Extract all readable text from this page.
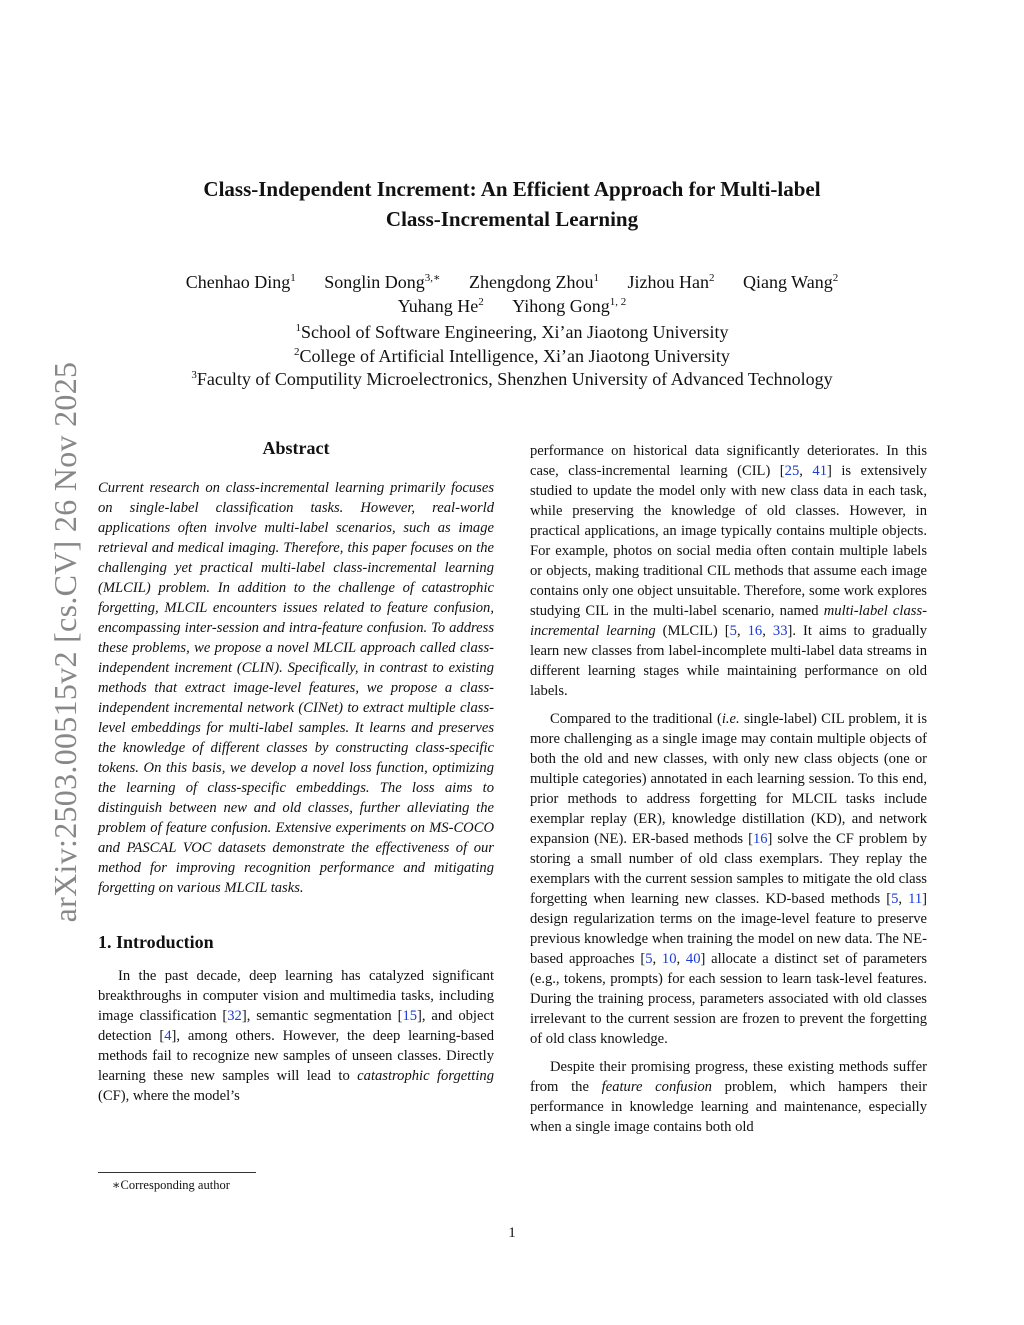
Class-Independent Increment: An Efficient Approach for Multi-label
Class-Incremental Learning
Chenhao Ding$^1$ Songlin Dong$^{3,∗}$ Zhengdong Zhou$^1$ Jizhou Han$^2$ Qiang Wang$^2$
Yuhang He$^2$ Yihong Gong$^{1, 2}$
$^1$School of Software Engineering, Xi’an Jiaotong University
$^2$College of Artificial Intelligence, Xi’an Jiaotong University
$^3$Faculty of Computility Microelectronics, Shenzhen University of Advanced Technology
arXiv:2503.00515v2 [cs.CV] 26 Nov 2025	Abstract

Current research on class-incremental learning primarily focuses on single-label classification tasks. However, real-world applications often involve multi-label scenarios, such as image retrieval and medical imaging. Therefore, this paper focuses on the challenging yet practical multi-label class-incremental learning (MLCIL) problem. In addition to the challenge of catastrophic forgetting, MLCIL encounters issues related to feature confusion, encompassing inter-session and intra-feature confusion. To address these problems, we propose a novel MLCIL approach called class-independent increment (CLIN). Specifically, in contrast to existing methods that extract image-level features, we propose a class-independent incremental network (CINet) to extract multiple class-level embeddings for multi-label samples. It learns and preserves the knowledge of different classes by constructing class-specific tokens. On this basis, we develop a novel loss function, optimizing the learning of class-specific embeddings. The loss aims to distinguish between new and old classes, further alleviating the problem of feature confusion. Extensive experiments on MS-COCO and PASCAL VOC datasets demonstrate the effectiveness of our method for improving recognition performance and mitigating forgetting on various MLCIL tasks.

1. Introduction

In the past decade, deep learning has catalyzed significant breakthroughs in computer vision and multimedia tasks, including image classification [32], semantic segmentation [15], and object detection [4], among others. However, the deep learning-based methods fail to recognize new samples of unseen classes. Directly learning these new samples will lead to catastrophic forgetting (CF), where the model’s

performance on historical data significantly deteriorates. In this case, class-incremental learning (CIL) [25, 41] is extensively studied to update the model only with new class data in each task, while preserving the knowledge of old classes. However, in practical applications, an image typically contains multiple objects. For example, photos on social media often contain multiple labels or objects, making traditional CIL methods that assume each image contains only one object unsuitable. Therefore, some work explores studying CIL in the multi-label scenario, named multi-label class-incremental learning (MLCIL) [5, 16, 33]. It aims to gradually learn new classes from label-incomplete multi-label data streams in different learning stages while maintaining performance on old labels.

Compared to the traditional (i.e. single-label) CIL problem, it is more challenging as a single image may contain multiple objects of both the old and new classes, with only new class objects (one or multiple categories) annotated in each learning session. To this end, prior methods to address forgetting for MLCIL tasks include exemplar replay (ER), knowledge distillation (KD), and network expansion (NE). ER-based methods [16] solve the CF problem by storing a small number of old class exemplars. They replay the exemplars with the current session samples to mitigate the old class forgetting when learning new classes. KD-based methods [5, 11] design regularization terms on the image-level feature to preserve previous knowledge when training the model on new data. The NE-based approaches [5, 10, 40] allocate a distinct set of parameters (e.g., tokens, prompts) for each session to learn task-level features. During the training process, parameters associated with old classes irrelevant to the current session are frozen to prevent the forgetting of old class knowledge.

Despite their promising progress, these existing methods suffer from the feature confusion problem, which hampers their performance in knowledge learning and maintenance, especially when a single image contains both old

∗Corresponding author
1
